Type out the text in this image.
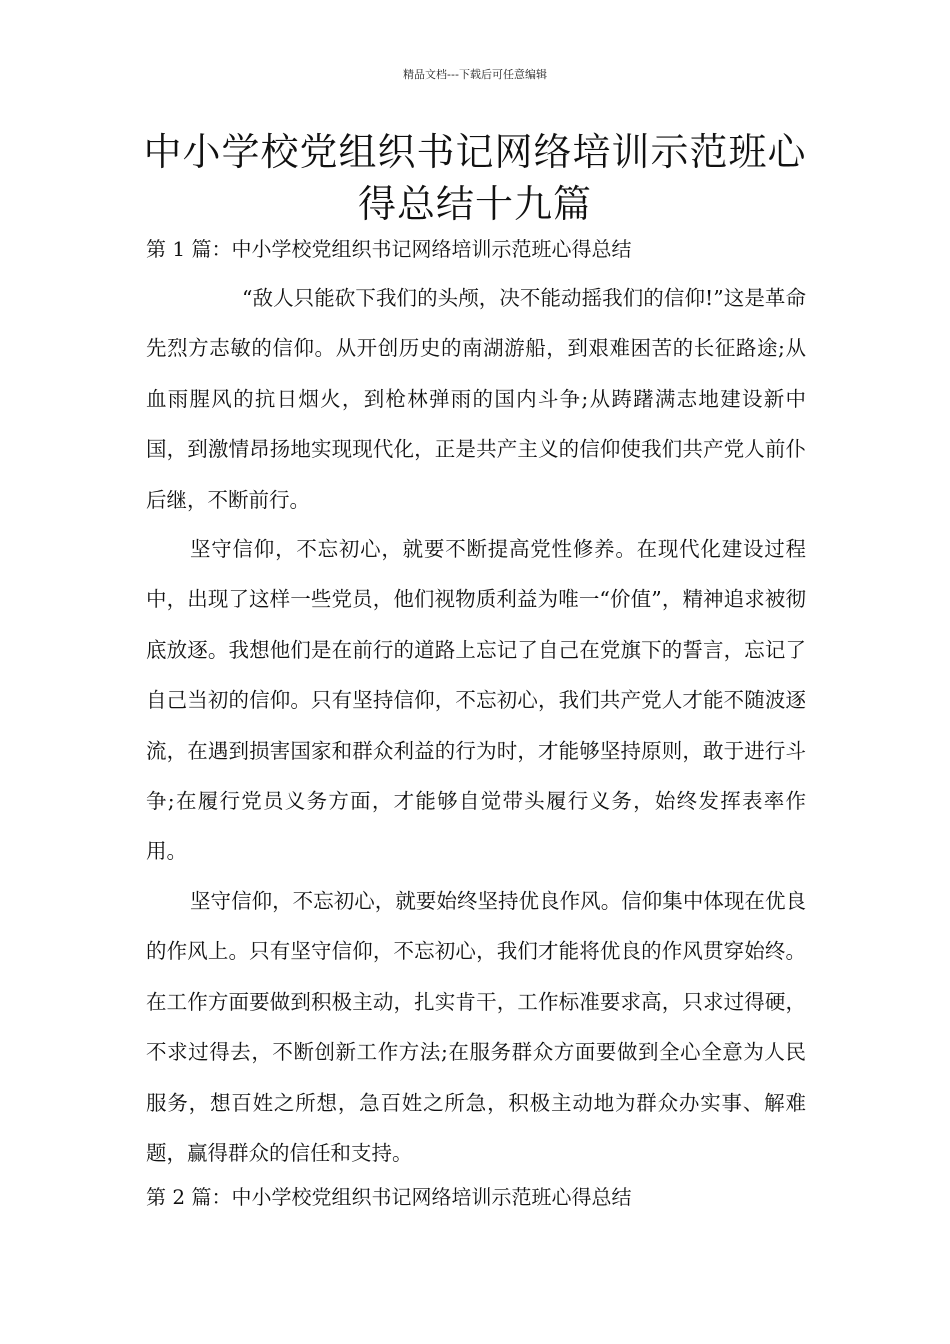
精品文档---下载后可任意编辑
中小学校党组织书记网络培训示范班心得总结十九篇
第 1 篇：中小学校党组织书记网络培训示范班心得总结

“敌人只能砍下我们的头颅，决不能动摇我们的信仰!”这是革命先烈方志敏的信仰。从开创历史的南湖游船，到艰难困苦的长征路途;从血雨腥风的抗日烟火，到枪林弹雨的国内斗争;从踌躇满志地建设新中国，到激情昂扬地实现现代化，正是共产主义的信仰使我们共产党人前仆后继，不断前行。

坚守信仰，不忘初心，就要不断提高党性修养。在现代化建设过程中，出现了这样一些党员，他们视物质利益为唯一“价值”，精神追求被彻底放逐。我想他们是在前行的道路上忘记了自己在党旗下的誓言，忘记了自己当初的信仰。只有坚持信仰，不忘初心，我们共产党人才能不随波逐流，在遇到损害国家和群众利益的行为时，才能够坚持原则，敢于进行斗争;在履行党员义务方面，才能够自觉带头履行义务，始终发挥表率作用。

坚守信仰，不忘初心，就要始终坚持优良作风。信仰集中体现在优良的作风上。只有坚守信仰，不忘初心，我们才能将优良的作风贯穿始终。在工作方面要做到积极主动，扎实肯干，工作标准要求高，只求过得硬，不求过得去，不断创新工作方法;在服务群众方面要做到全心全意为人民服务，想百姓之所想，急百姓之所急，积极主动地为群众办实事、解难题，赢得群众的信任和支持。

第 2 篇：中小学校党组织书记网络培训示范班心得总结
